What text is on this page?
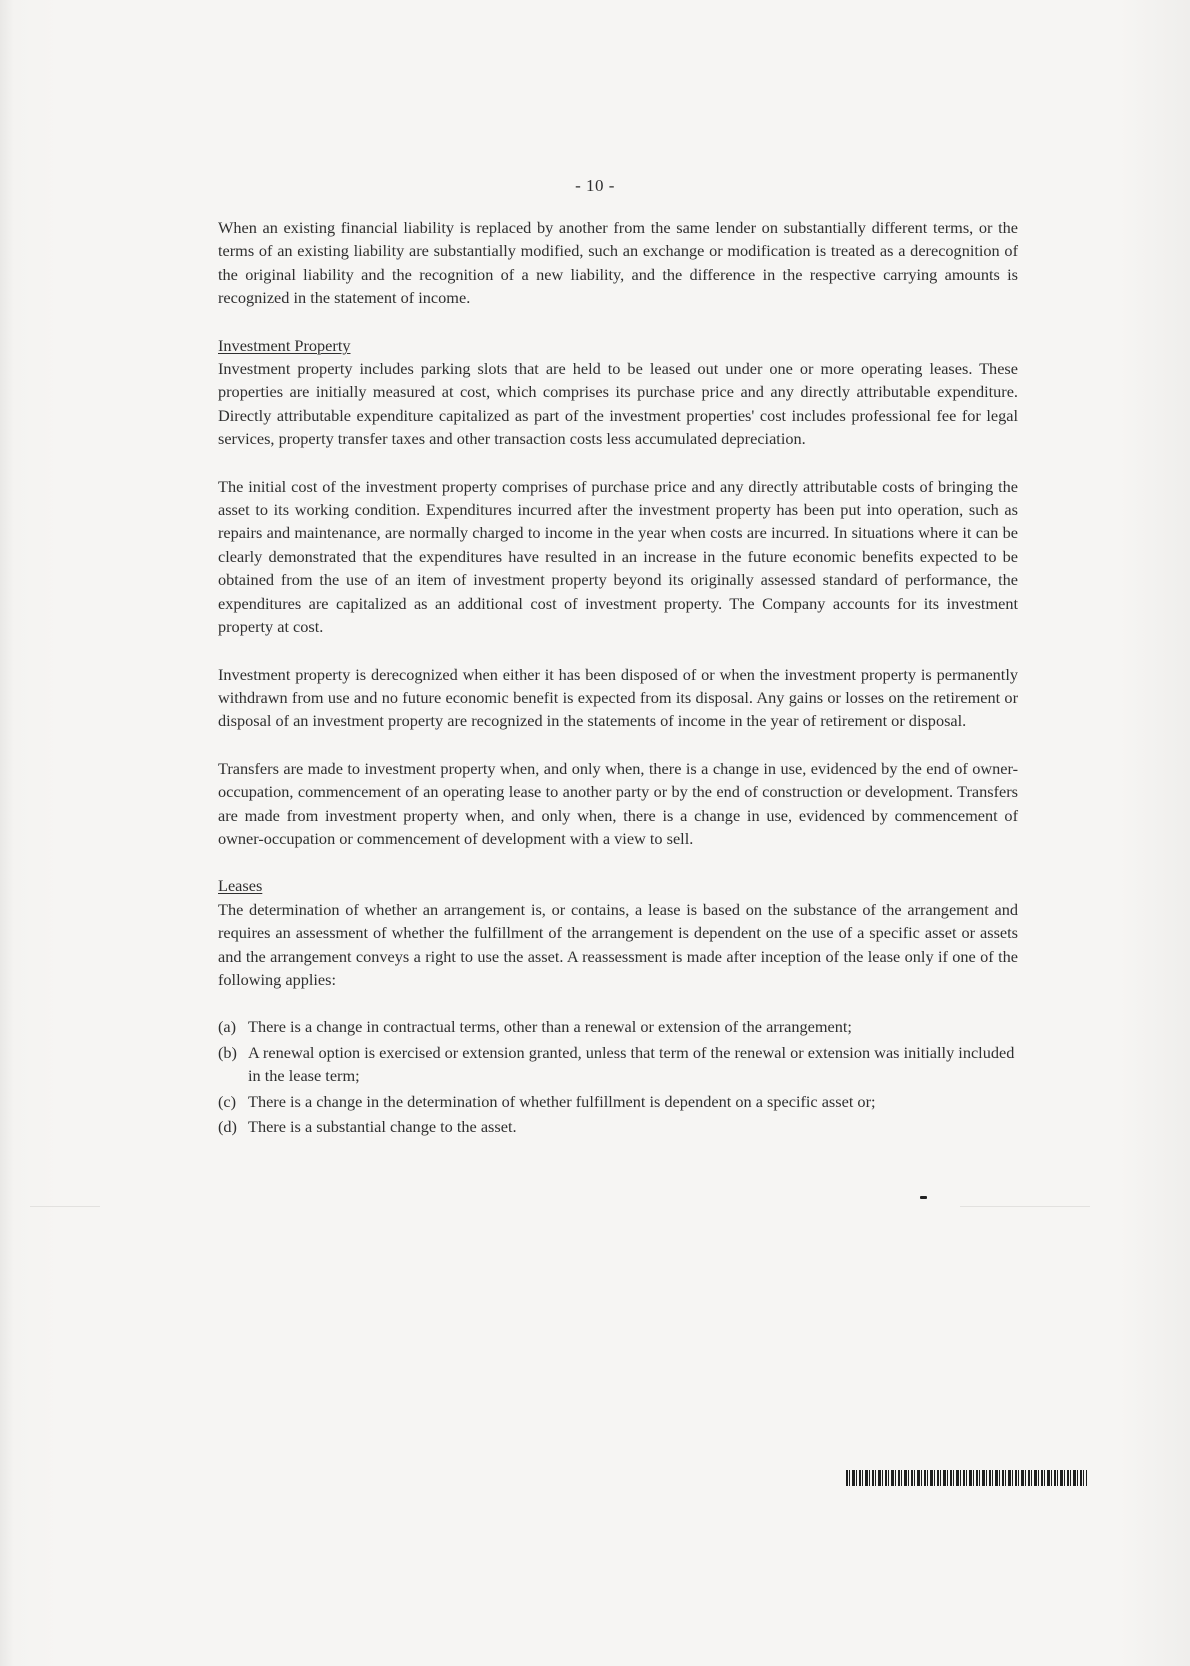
- 10 -

When an existing financial liability is replaced by another from the same lender on substantially different terms, or the terms of an existing liability are substantially modified, such an exchange or modification is treated as a derecognition of the original liability and the recognition of a new liability, and the difference in the respective carrying amounts is recognized in the statement of income.

Investment Property

Investment property includes parking slots that are held to be leased out under one or more operating leases. These properties are initially measured at cost, which comprises its purchase price and any directly attributable expenditure. Directly attributable expenditure capitalized as part of the investment properties' cost includes professional fee for legal services, property transfer taxes and other transaction costs less accumulated depreciation.

The initial cost of the investment property comprises of purchase price and any directly attributable costs of bringing the asset to its working condition. Expenditures incurred after the investment property has been put into operation, such as repairs and maintenance, are normally charged to income in the year when costs are incurred. In situations where it can be clearly demonstrated that the expenditures have resulted in an increase in the future economic benefits expected to be obtained from the use of an item of investment property beyond its originally assessed standard of performance, the expenditures are capitalized as an additional cost of investment property. The Company accounts for its investment property at cost.

Investment property is derecognized when either it has been disposed of or when the investment property is permanently withdrawn from use and no future economic benefit is expected from its disposal. Any gains or losses on the retirement or disposal of an investment property are recognized in the statements of income in the year of retirement or disposal.

Transfers are made to investment property when, and only when, there is a change in use, evidenced by the end of owner-occupation, commencement of an operating lease to another party or by the end of construction or development. Transfers are made from investment property when, and only when, there is a change in use, evidenced by commencement of owner-occupation or commencement of development with a view to sell.

Leases

The determination of whether an arrangement is, or contains, a lease is based on the substance of the arrangement and requires an assessment of whether the fulfillment of the arrangement is dependent on the use of a specific asset or assets and the arrangement conveys a right to use the asset. A reassessment is made after inception of the lease only if one of the following applies:

(a) There is a change in contractual terms, other than a renewal or extension of the arrangement;
(b) A renewal option is exercised or extension granted, unless that term of the renewal or extension was initially included in the lease term;
(c) There is a change in the determination of whether fulfillment is dependent on a specific asset or;
(d) There is a substantial change to the asset.
